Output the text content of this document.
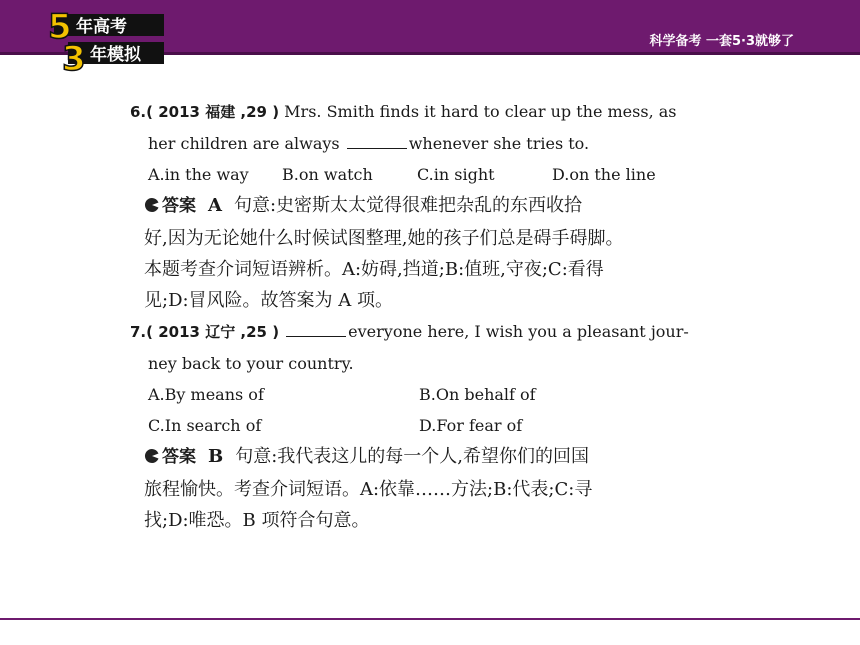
5 年高考
3 年模拟
科学备考 一套5·3就够了
6.( 2013 福建 ,29 ) Mrs. Smith finds it hard to clear up the mess, as
her children are always	whenever she tries to.
A.in the way B.on watch	C.in sight	D.on the line
答案 A 句意:史密斯太太觉得很难把杂乱的东西收拾
好,因为无论她什么时候试图整理,她的孩子们总是碍手碍脚。
本题考查介词短语辨析。A:妨碍,挡道;B:值班,守夜;C:看得
见;D:冒风险。故答案为 A 项。
7.( 2013 辽宁 ,25 )	everyone here, I wish you a pleasant jour-
ney back to your country.
A.By means of	B.On behalf of
C.In search of	D.For fear of
答案 B 句意:我代表这儿的每一个人,希望你们的回国
旅程愉快。考查介词短语。A:依靠……方法;B:代表;C:寻
找;D:唯恐。B 项符合句意。
